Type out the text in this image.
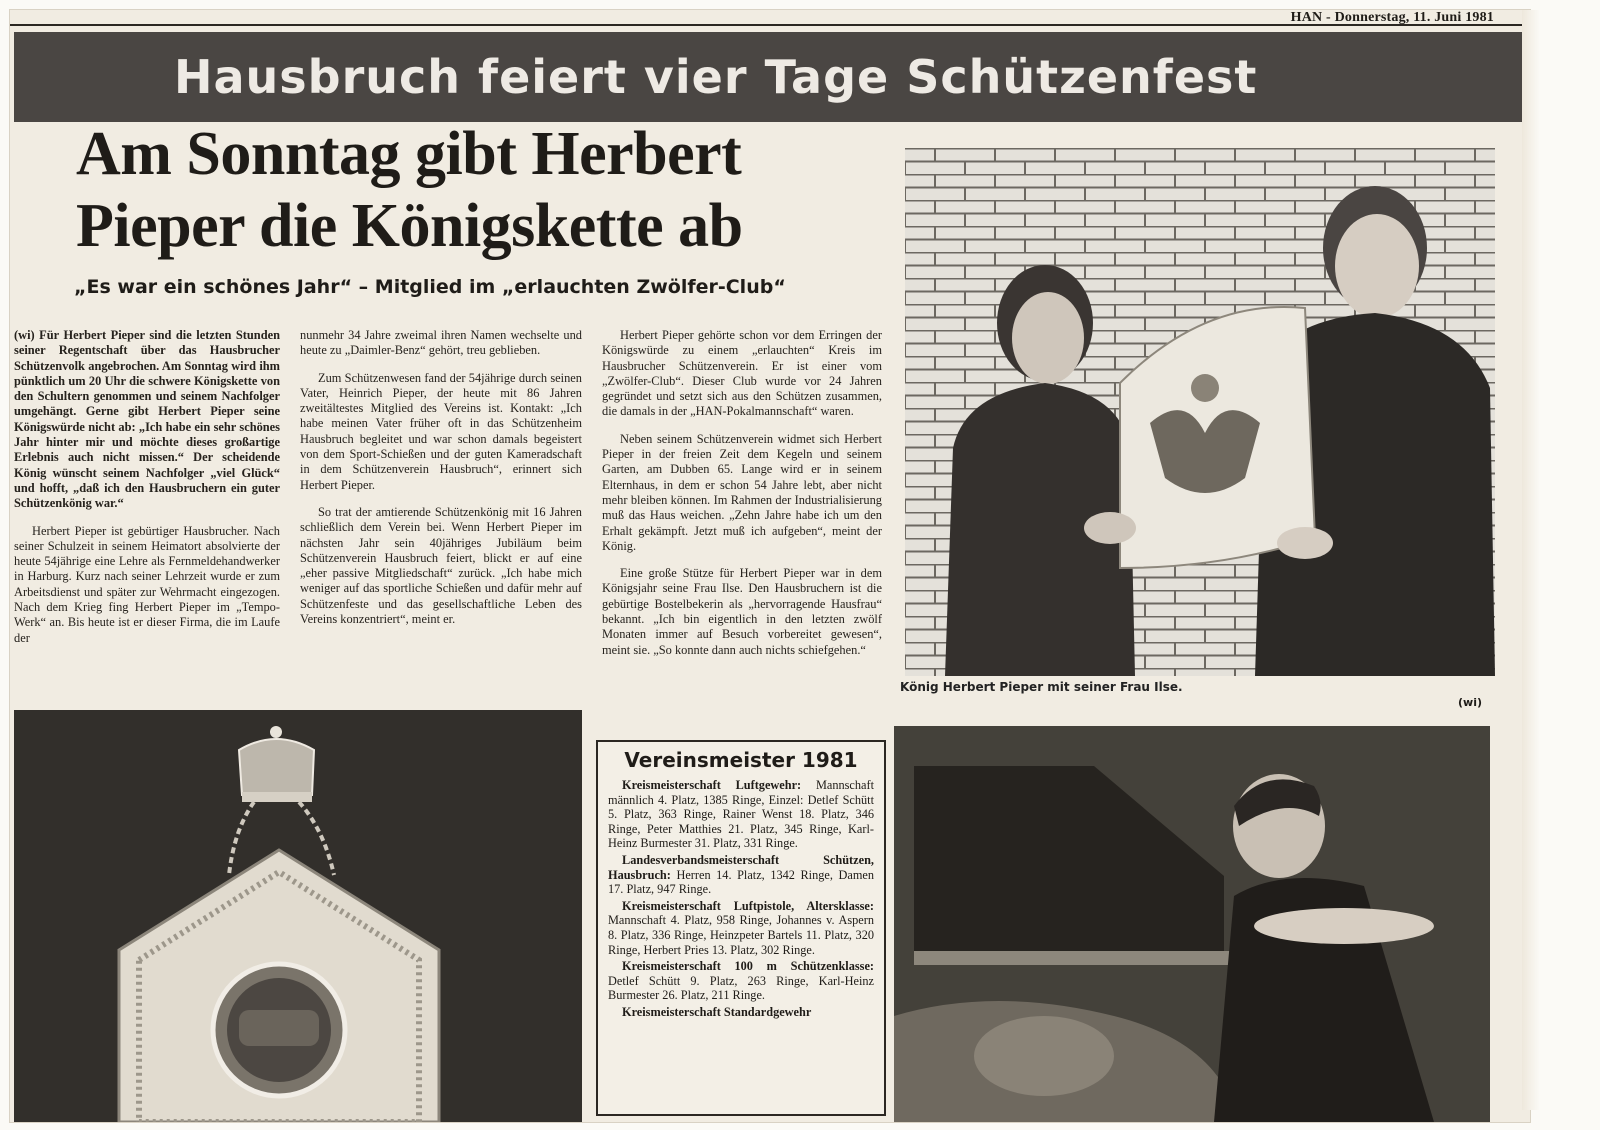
HAN - Donnerstag, 11. Juni 1981
Hausbruch feiert vier Tage Schützenfest
Am Sonntag gibt Herbert Pieper die Königskette ab
„Es war ein schönes Jahr“ – Mitglied im „erlauchten Zwölfer-Club“

(wi) Für Herbert Pieper sind die letzten Stunden seiner Regentschaft über das Hausbrucher Schützenvolk angebrochen. Am Sonntag wird ihm pünktlich um 20 Uhr die schwere Königskette von den Schultern genommen und seinem Nachfolger umgehängt. Gerne gibt Herbert Pieper seine Königswürde nicht ab: „Ich habe ein sehr schönes Jahr hinter mir und möchte dieses großartige Erlebnis auch nicht missen.“ Der scheidende König wünscht seinem Nachfolger „viel Glück“ und hofft, „daß ich den Hausbruchern ein guter Schützenkönig war.“

Herbert Pieper ist gebürtiger Hausbrucher. Nach seiner Schulzeit in seinem Heimatort absolvierte der heute 54jährige eine Lehre als Fernmeldehandwerker in Harburg. Kurz nach seiner Lehrzeit wurde er zum Arbeitsdienst und später zur Wehrmacht eingezogen. Nach dem Krieg fing Herbert Pieper im „Tempo-Werk“ an. Bis heute ist er dieser Firma, die im Laufe der

nunmehr 34 Jahre zweimal ihren Namen wechselte und heute zu „Daimler-Benz“ gehört, treu geblieben.

Zum Schützenwesen fand der 54jährige durch seinen Vater, Heinrich Pieper, der heute mit 86 Jahren zweitältestes Mitglied des Vereins ist. Kontakt: „Ich habe meinen Vater früher oft in das Schützenheim Hausbruch begleitet und war schon damals begeistert von dem Sport-Schießen und der guten Kameradschaft in dem Schützenverein Hausbruch“, erinnert sich Herbert Pieper.

So trat der amtierende Schützenkönig mit 16 Jahren schließlich dem Verein bei. Wenn Herbert Pieper im nächsten Jahr sein 40jähriges Jubiläum beim Schützenverein Hausbruch feiert, blickt er auf eine „eher passive Mitgliedschaft“ zurück. „Ich habe mich weniger auf das sportliche Schießen und dafür mehr auf Schützenfeste und das gesellschaftliche Leben des Vereins konzentriert“, meint er.

Herbert Pieper gehörte schon vor dem Erringen der Königswürde zu einem „erlauchten“ Kreis im Hausbrucher Schützenverein. Er ist einer vom „Zwölfer-Club“. Dieser Club wurde vor 24 Jahren gegründet und setzt sich aus den Schützen zusammen, die damals in der „HAN-Pokalmannschaft“ waren.

Neben seinem Schützenverein widmet sich Herbert Pieper in der freien Zeit dem Kegeln und seinem Garten, am Dubben 65. Lange wird er in seinem Elternhaus, in dem er schon 54 Jahre lebt, aber nicht mehr bleiben können. Im Rahmen der Industrialisierung muß das Haus weichen. „Zehn Jahre habe ich um den Erhalt gekämpft. Jetzt muß ich aufgeben“, meint der König.

Eine große Stütze für Herbert Pieper war in dem Königsjahr seine Frau Ilse. Den Hausbruchern ist die gebürtige Bostelbekerin als „hervorragende Hausfrau“ bekannt. „Ich bin eigentlich in den letzten zwölf Monaten immer auf Besuch vorbereitet gewesen“, meint sie. „So konnte dann auch nichts schiefgehen.“

König Herbert Pieper mit seiner Frau Ilse.
(wi)
Vereinsmeister 1981

Kreismeisterschaft Luftgewehr: Mannschaft männlich 4. Platz, 1385 Ringe, Einzel: Detlef Schütt 5. Platz, 363 Ringe, Rainer Wenst 18. Platz, 346 Ringe, Peter Matthies 21. Platz, 345 Ringe, Karl-Heinz Burmester 31. Platz, 331 Ringe.

Landesverbandsmeisterschaft Schützen, Hausbruch: Herren 14. Platz, 1342 Ringe, Damen 17. Platz, 947 Ringe.

Kreismeisterschaft Luftpistole, Altersklasse: Mannschaft 4. Platz, 958 Ringe, Johannes v. Aspern 8. Platz, 336 Ringe, Heinzpeter Bartels 11. Platz, 320 Ringe, Herbert Pries 13. Platz, 302 Ringe.

Kreismeisterschaft 100 m Schützenklasse: Detlef Schütt 9. Platz, 263 Ringe, Karl-Heinz Burmester 26. Platz, 211 Ringe.

Kreismeisterschaft Standardgewehr
